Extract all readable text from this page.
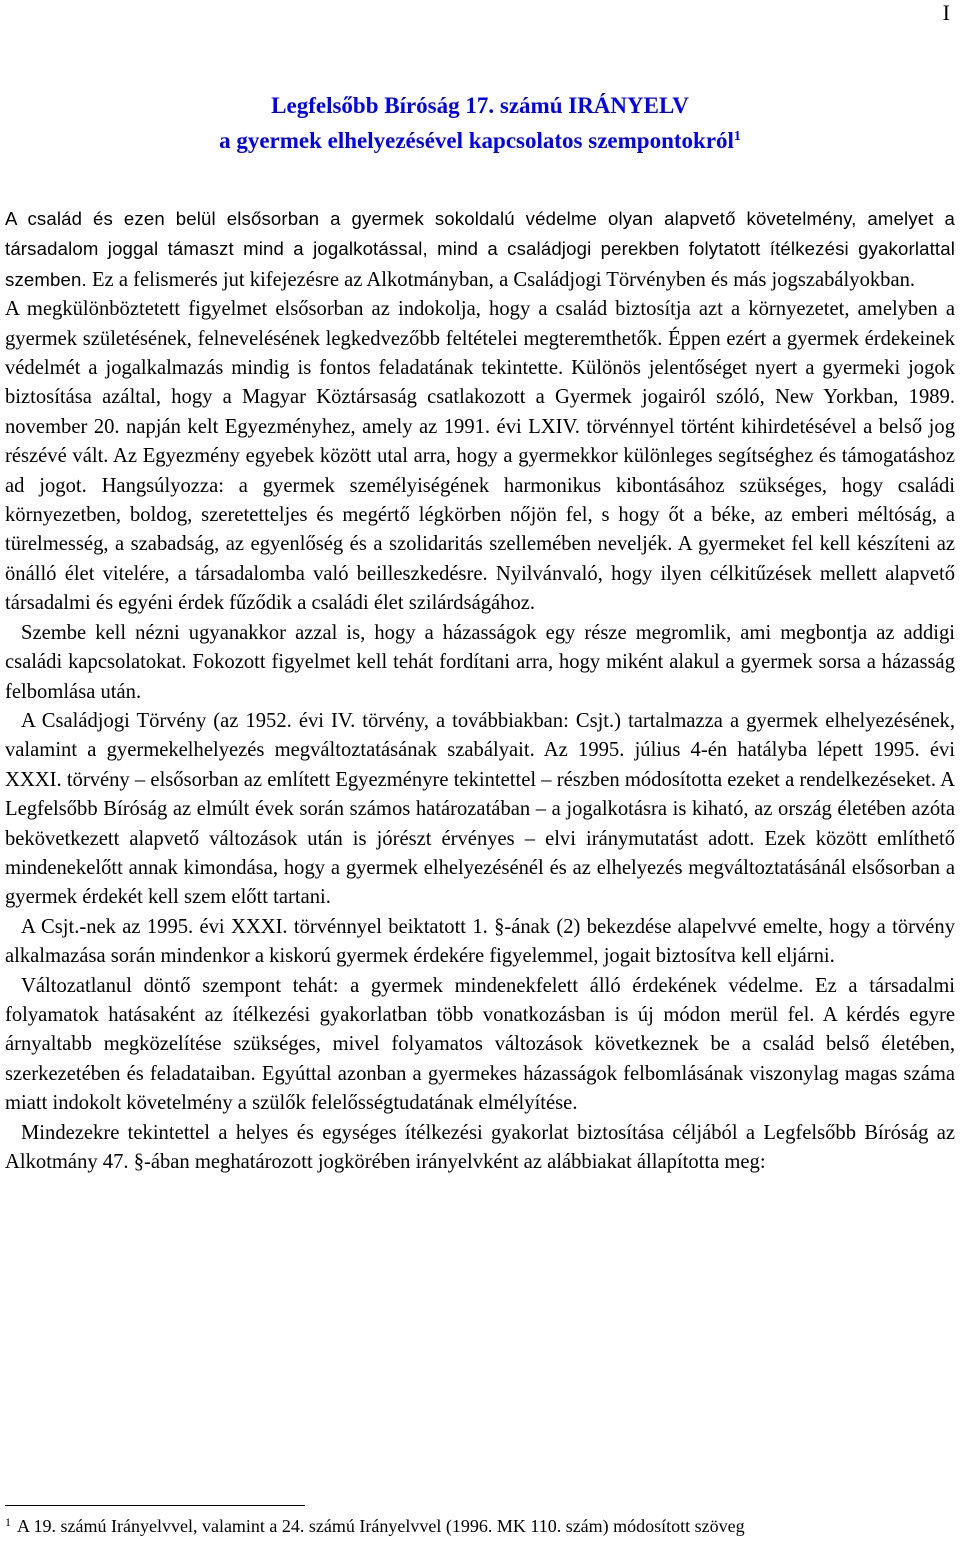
I
Legfelsőbb Bíróság 17. számú IRÁNYELV
a gyermek elhelyezésével kapcsolatos szempontokról$^1$

A család és ezen belül elsősorban a gyermek sokoldalú védelme olyan alapvető követelmény, amelyet a társadalom joggal támaszt mind a jogalkotással, mind a családjogi perekben folytatott ítélkezési gyakorlattal szemben. Ez a felismerés jut kifejezésre az Alkotmányban, a Családjogi Törvényben és más jogszabályokban.

A megkülönböztetett figyelmet elsősorban az indokolja, hogy a család biztosítja azt a környezetet, amelyben a gyermek születésének, felnevelésének legkedvezőbb feltételei megteremthetők. Éppen ezért a gyermek érdekeinek védelmét a jogalkalmazás mindig is fontos feladatának tekintette. Különös jelentőséget nyert a gyermeki jogok biztosítása azáltal, hogy a Magyar Köztársaság csatlakozott a Gyermek jogairól szóló, New Yorkban, 1989. november 20. napján kelt Egyezményhez, amely az 1991. évi LXIV. törvénnyel történt kihirdetésével a belső jog részévé vált. Az Egyezmény egyebek között utal arra, hogy a gyermekkor különleges segítséghez és támogatáshoz ad jogot. Hangsúlyozza: a gyermek személyiségének harmonikus kibontásához szükséges, hogy családi környezetben, boldog, szeretetteljes és megértő légkörben nőjön fel, s hogy őt a béke, az emberi méltóság, a türelmesség, a szabadság, az egyenlőség és a szolidaritás szellemében neveljék. A gyermeket fel kell készíteni az önálló élet vitelére, a társadalomba való beilleszkedésre. Nyilvánvaló, hogy ilyen célkitűzések mellett alapvető társadalmi és egyéni érdek fűződik a családi élet szilárdságához.

Szembe kell nézni ugyanakkor azzal is, hogy a házasságok egy része megromlik, ami megbontja az addigi családi kapcsolatokat. Fokozott figyelmet kell tehát fordítani arra, hogy miként alakul a gyermek sorsa a házasság felbomlása után.

A Családjogi Törvény (az 1952. évi IV. törvény, a továbbiakban: Csjt.) tartalmazza a gyermek elhelyezésének, valamint a gyermekelhelyezés megváltoztatásának szabályait. Az 1995. július 4-én hatályba lépett 1995. évi XXXI. törvény – elsősorban az említett Egyezményre tekintettel – részben módosította ezeket a rendelkezéseket. A Legfelsőbb Bíróság az elmúlt évek során számos határozatában – a jogalkotásra is kiható, az ország életében azóta bekövetkezett alapvető változások után is jórészt érvényes – elvi iránymutatást adott. Ezek között említhető mindenekelőtt annak kimondása, hogy a gyermek elhelyezésénél és az elhelyezés megváltoztatásánál elsősorban a gyermek érdekét kell szem előtt tartani.

A Csjt.-nek az 1995. évi XXXI. törvénnyel beiktatott 1. §-ának (2) bekezdése alapelvvé emelte, hogy a törvény alkalmazása során mindenkor a kiskorú gyermek érdekére figyelemmel, jogait biztosítva kell eljárni.

Változatlanul döntő szempont tehát: a gyermek mindenekfelett álló érdekének védelme. Ez a társadalmi folyamatok hatásaként az ítélkezési gyakorlatban több vonatkozásban is új módon merül fel. A kérdés egyre árnyaltabb megközelítése szükséges, mivel folyamatos változások következnek be a család belső életében, szerkezetében és feladataiban. Egyúttal azonban a gyermekes házasságok felbomlásának viszonylag magas száma miatt indokolt követelmény a szülők felelősségtudatának elmélyítése.

Mindezekre tekintettel a helyes és egységes ítélkezési gyakorlat biztosítása céljából a Legfelsőbb Bíróság az Alkotmány 47. §-ában meghatározott jogkörében irányelvként az alábbiakat állapította meg:

$^1$ A 19. számú Irányelvvel, valamint a 24. számú Irányelvvel (1996. MK 110. szám) módosított szöveg
